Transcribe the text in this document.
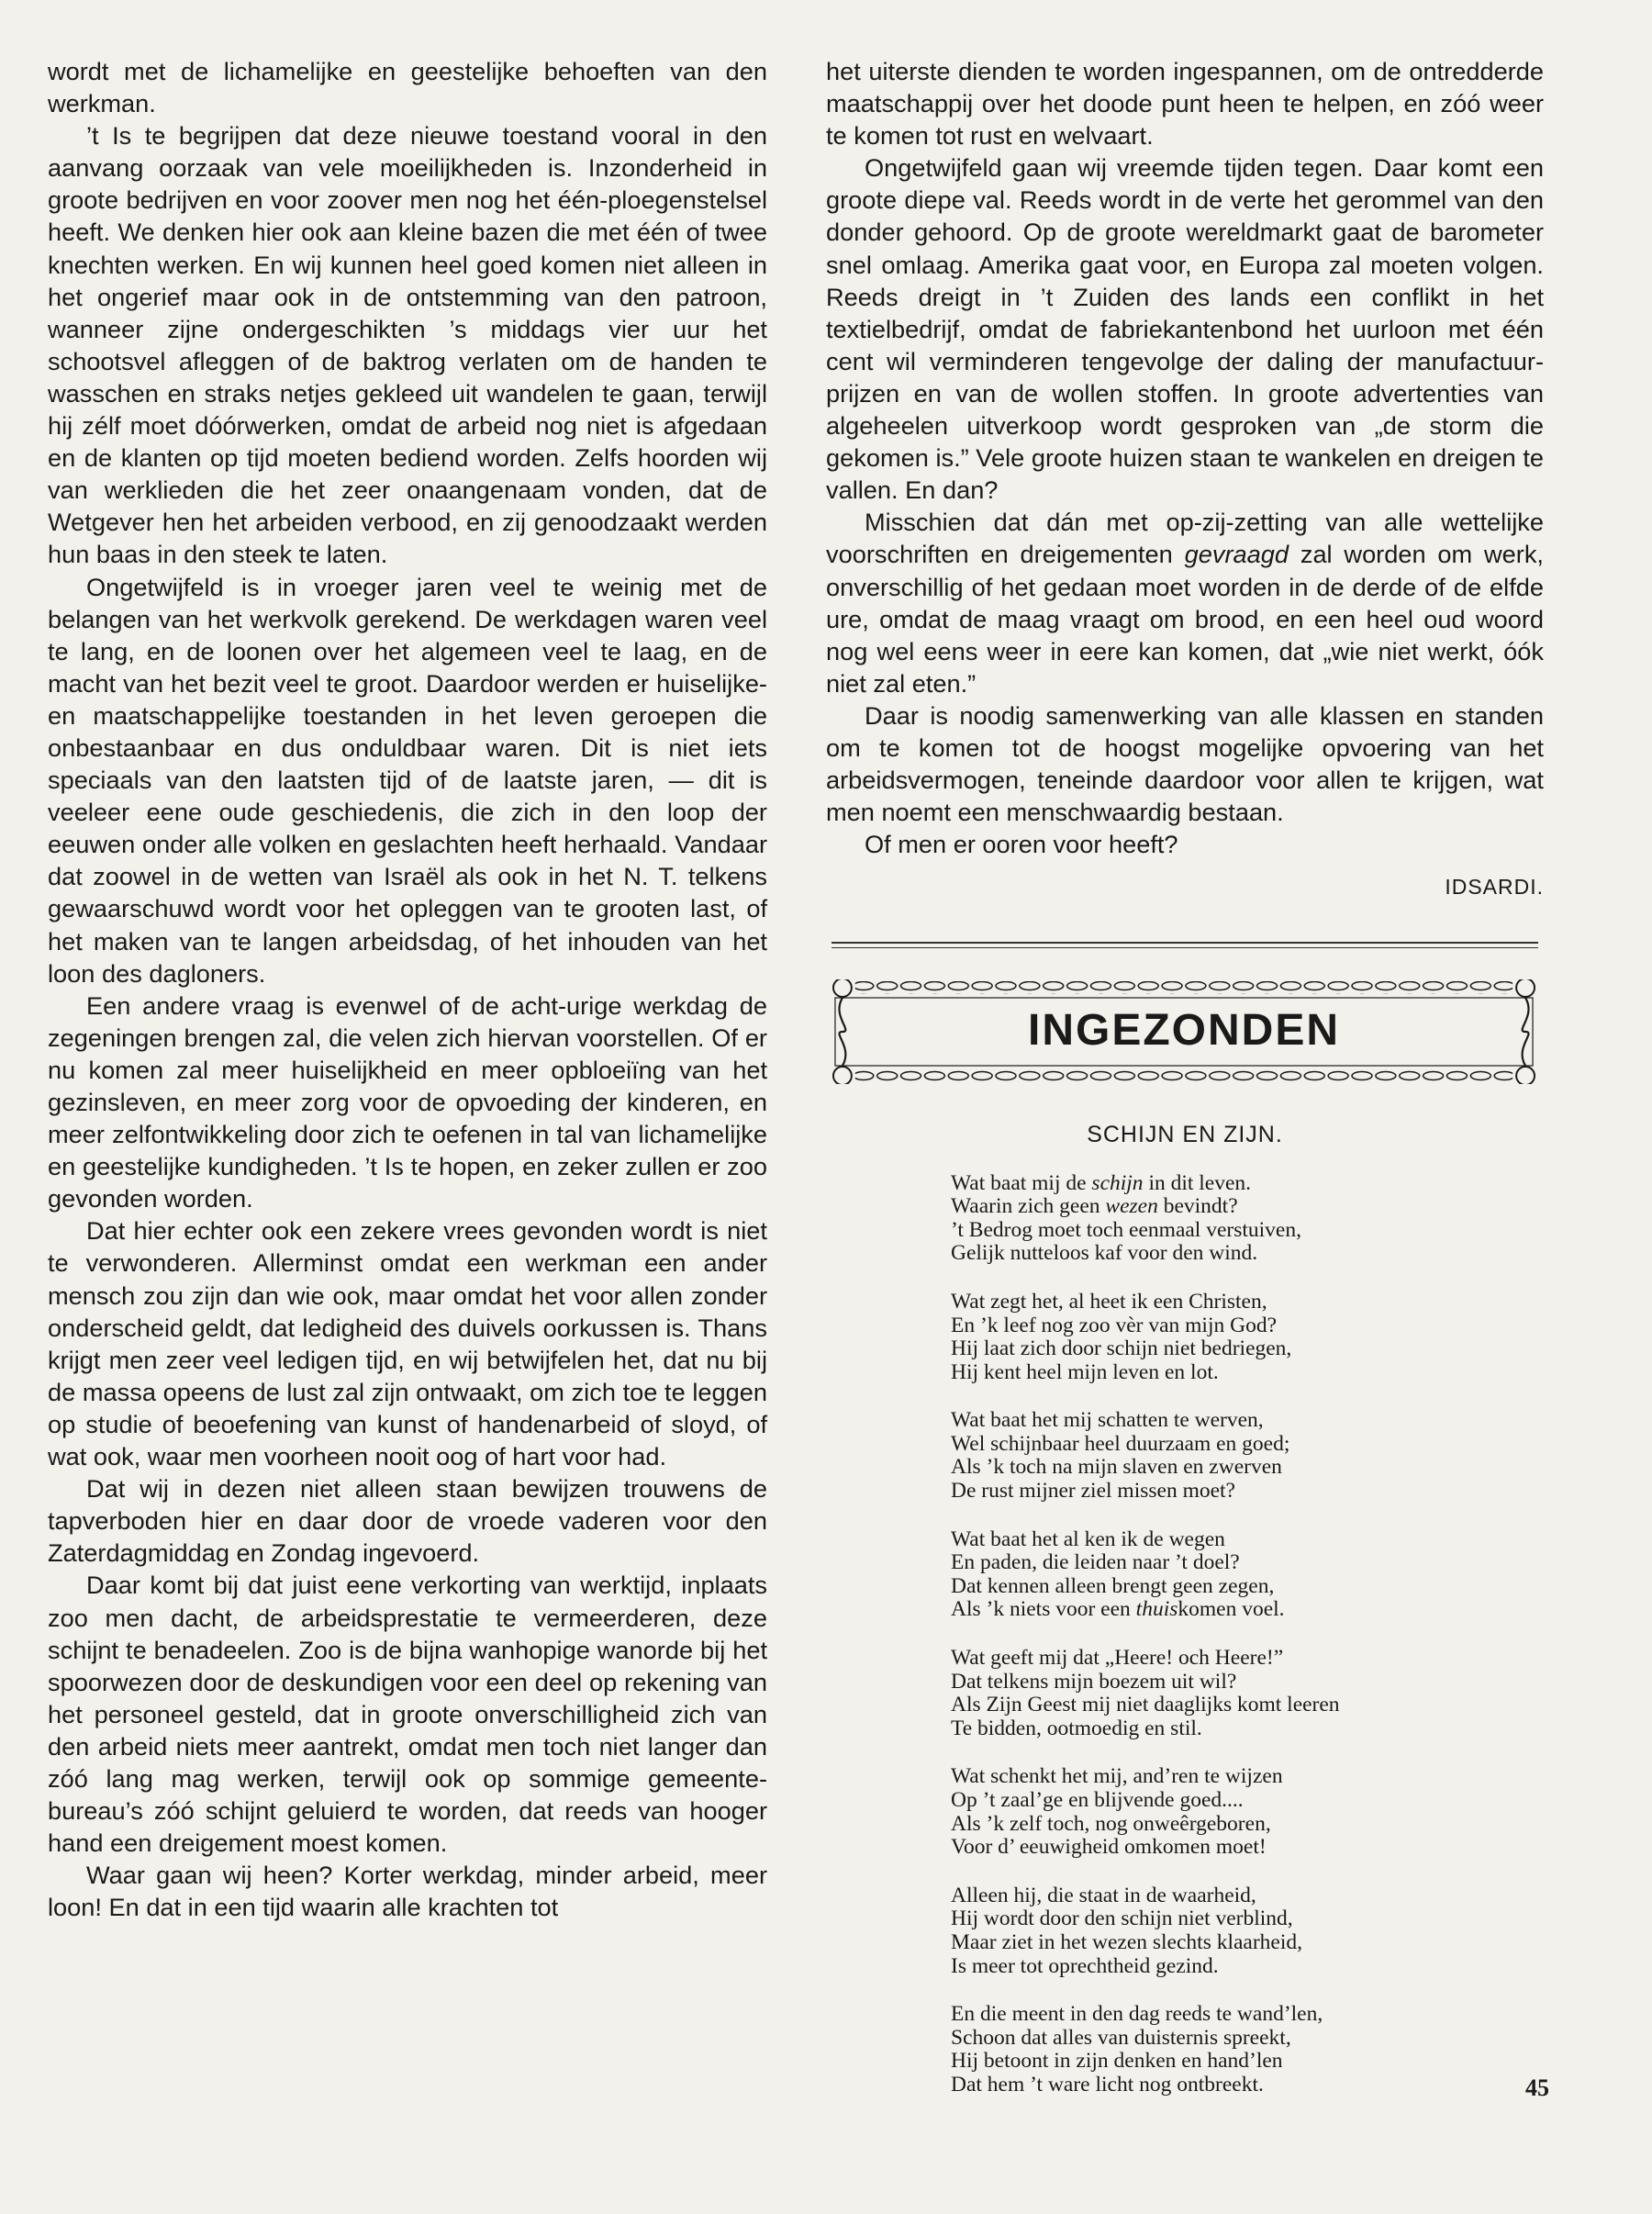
wordt met de lichamelijke en geestelijke behoeften van den werkman.

’t Is te begrijpen dat deze nieuwe toestand vooral in den aanvang oorzaak van vele moeilijkheden is. Inzonderheid in groote bedrijven en voor zoover men nog het één-ploegenstelsel heeft. We denken hier ook aan kleine bazen die met één of twee knechten werken. En wij kunnen heel goed komen niet alleen in het ongerief maar ook in de ontstemming van den patroon, wanneer zijne ondergeschikten ’s middags vier uur het schootsvel afleggen of de baktrog verlaten om de handen te wasschen en straks netjes gekleed uit wandelen te gaan, terwijl hij zélf moet dóórwerken, omdat de arbeid nog niet is afgedaan en de klanten op tijd moeten bediend worden. Zelfs hoorden wij van werklieden die het zeer onaangenaam vonden, dat de Wetgever hen het arbeiden verbood, en zij genoodzaakt werden hun baas in den steek te laten.

Ongetwijfeld is in vroeger jaren veel te weinig met de belangen van het werkvolk gerekend. De werkdagen waren veel te lang, en de loonen over het algemeen veel te laag, en de macht van het bezit veel te groot. Daardoor werden er huiselijke- en maatschappelijke toestanden in het leven geroepen die onbestaanbaar en dus onduldbaar waren. Dit is niet iets speciaals van den laatsten tijd of de laatste jaren, — dit is veeleer eene oude geschiedenis, die zich in den loop der eeuwen onder alle volken en geslachten heeft herhaald. Vandaar dat zoowel in de wetten van Israël als ook in het N. T. telkens gewaarschuwd wordt voor het opleggen van te grooten last, of het maken van te langen arbeidsdag, of het inhouden van het loon des dagloners.

Een andere vraag is evenwel of de acht-urige werkdag de zegeningen brengen zal, die velen zich hiervan voorstellen. Of er nu komen zal meer huiselijkheid en meer opbloeiïng van het gezinsleven, en meer zorg voor de opvoeding der kinderen, en meer zelfontwikkeling door zich te oefenen in tal van lichamelijke en geestelijke kundigheden. ’t Is te hopen, en zeker zullen er zoo gevonden worden.

Dat hier echter ook een zekere vrees gevonden wordt is niet te verwonderen. Allerminst omdat een werkman een ander mensch zou zijn dan wie ook, maar omdat het voor allen zonder onderscheid geldt, dat ledigheid des duivels oorkussen is. Thans krijgt men zeer veel ledigen tijd, en wij betwijfelen het, dat nu bij de massa opeens de lust zal zijn ontwaakt, om zich toe te leggen op studie of beoefening van kunst of handenarbeid of sloyd, of wat ook, waar men voorheen nooit oog of hart voor had.

Dat wij in dezen niet alleen staan bewijzen trouwens de tapverboden hier en daar door de vroede vaderen voor den Zaterdagmiddag en Zondag ingevoerd.

Daar komt bij dat juist eene verkorting van werktijd, inplaats zoo men dacht, de arbeidsprestatie te vermeerderen, deze schijnt te benadeelen. Zoo is de bijna wanhopige wanorde bij het spoorwezen door de deskundigen voor een deel op rekening van het personeel gesteld, dat in groote onverschilligheid zich van den arbeid niets meer aantrekt, omdat men toch niet langer dan zóó lang mag werken, terwijl ook op sommige gemeente-bureau’s zóó schijnt geluierd te worden, dat reeds van hooger hand een dreigement moest komen.

Waar gaan wij heen? Korter werkdag, minder arbeid, meer loon! En dat in een tijd waarin alle krachten tot

het uiterste dienden te worden ingespannen, om de ontredderde maatschappij over het doode punt heen te helpen, en zóó weer te komen tot rust en welvaart.

Ongetwijfeld gaan wij vreemde tijden tegen. Daar komt een groote diepe val. Reeds wordt in de verte het gerommel van den donder gehoord. Op de groote wereldmarkt gaat de barometer snel omlaag. Amerika gaat voor, en Europa zal moeten volgen. Reeds dreigt in ’t Zuiden des lands een conflikt in het textielbedrijf, omdat de fabriekantenbond het uurloon met één cent wil verminderen tengevolge der daling der manufactuur-prijzen en van de wollen stoffen. In groote advertenties van algeheelen uitverkoop wordt gesproken van „de storm die gekomen is.” Vele groote huizen staan te wankelen en dreigen te vallen. En dan?

Misschien dat dán met op-zij-zetting van alle wettelijke voorschriften en dreigementen gevraagd zal worden om werk, onverschillig of het gedaan moet worden in de derde of de elfde ure, omdat de maag vraagt om brood, en een heel oud woord nog wel eens weer in eere kan komen, dat „wie niet werkt, óók niet zal eten.”

Daar is noodig samenwerking van alle klassen en standen om te komen tot de hoogst mogelijke opvoering van het arbeidsvermogen, teneinde daardoor voor allen te krijgen, wat men noemt een menschwaardig bestaan.

Of men er ooren voor heeft?

IDSARDI.
INGEZONDEN
SCHIJN EN ZIJN.
Wat baat mij de schijn in dit leven.
Waarin zich geen wezen bevindt?
’t Bedrog moet toch eenmaal verstuiven,
Gelijk nutteloos kaf voor den wind.
Wat zegt het, al heet ik een Christen,
En ’k leef nog zoo vèr van mijn God?
Hij laat zich door schijn niet bedriegen,
Hij kent heel mijn leven en lot.
Wat baat het mij schatten te werven,
Wel schijnbaar heel duurzaam en goed;
Als ’k toch na mijn slaven en zwerven
De rust mijner ziel missen moet?
Wat baat het al ken ik de wegen
En paden, die leiden naar ’t doel?
Dat kennen alleen brengt geen zegen,
Als ’k niets voor een thuiskomen voel.
Wat geeft mij dat „Heere! och Heere!”
Dat telkens mijn boezem uit wil?
Als Zijn Geest mij niet daaglijks komt leeren
Te bidden, ootmoedig en stil.
Wat schenkt het mij, and’ren te wijzen
Op ’t zaal’ge en blijvende goed....
Als ’k zelf toch, nog onweêrgeboren,
Voor d’ eeuwigheid omkomen moet!
Alleen hij, die staat in de waarheid,
Hij wordt door den schijn niet verblind,
Maar ziet in het wezen slechts klaarheid,
Is meer tot oprechtheid gezind.
En die meent in den dag reeds te wand’len,
Schoon dat alles van duisternis spreekt,
Hij betoont in zijn denken en hand’len
Dat hem ’t ware licht nog ontbreekt.	45
